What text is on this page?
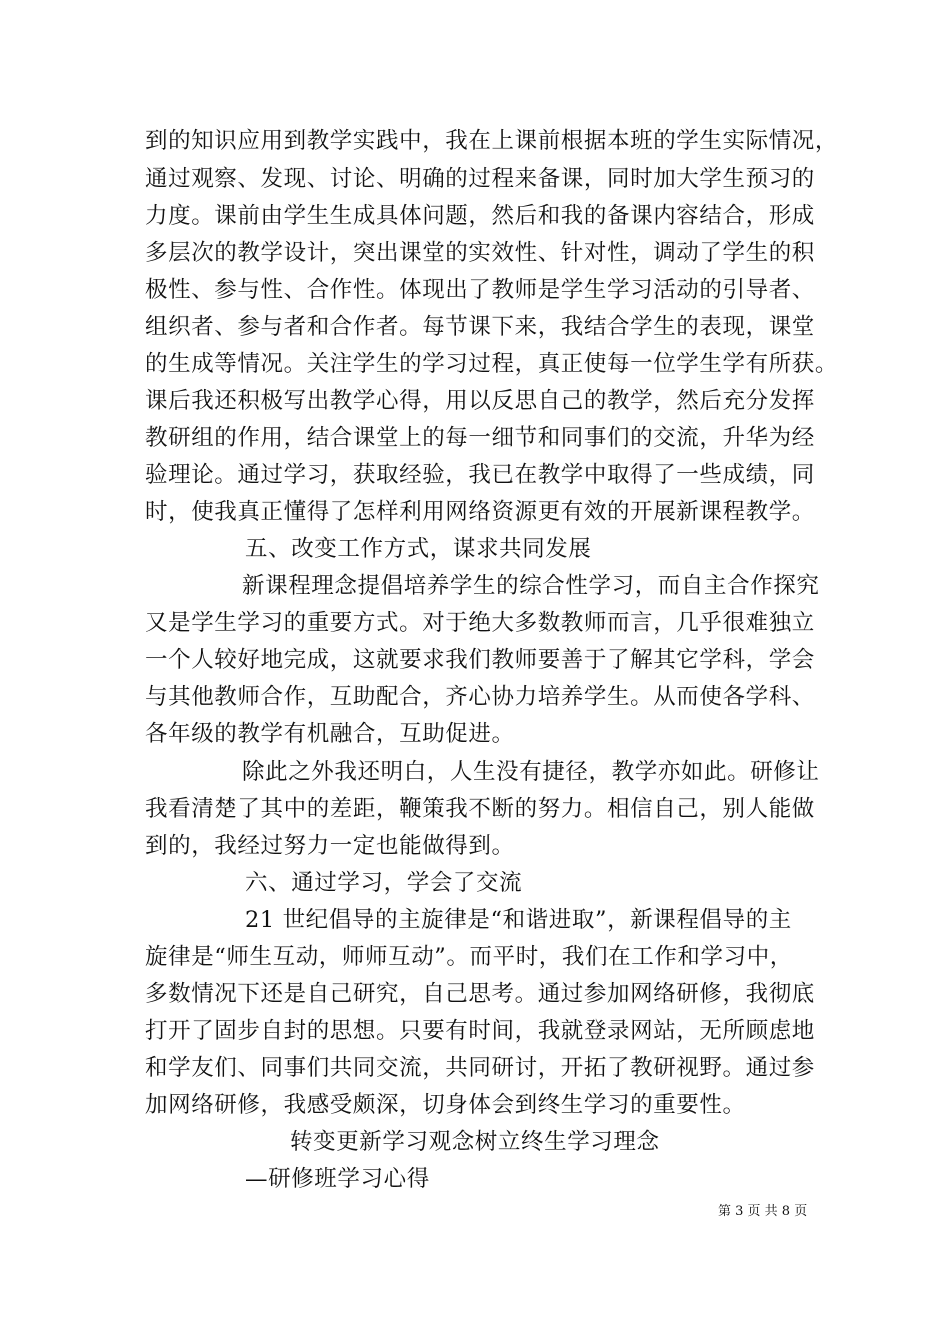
到的知识应用到教学实践中，我在上课前根据本班的学生实际情况，
通过观察、发现、讨论、明确的过程来备课，同时加大学生预习的
力度。课前由学生生成具体问题，然后和我的备课内容结合，形成
多层次的教学设计，突出课堂的实效性、针对性，调动了学生的积
极性、参与性、合作性。体现出了教师是学生学习活动的引导者、
组织者、参与者和合作者。每节课下来，我结合学生的表现，课堂
的生成等情况。关注学生的学习过程，真正使每一位学生学有所获。
课后我还积极写出教学心得，用以反思自己的教学，然后充分发挥
教研组的作用，结合课堂上的每一细节和同事们的交流，升华为经
验理论。通过学习，获取经验，我已在教学中取得了一些成绩，同
时，使我真正懂得了怎样利用网络资源更有效的开展新课程教学。
五、改变工作方式，谋求共同发展
新课程理念提倡培养学生的综合性学习，而自主合作探究
又是学生学习的重要方式。对于绝大多数教师而言，几乎很难独立
一个人较好地完成，这就要求我们教师要善于了解其它学科，学会
与其他教师合作，互助配合，齐心协力培养学生。从而使各学科、
各年级的教学有机融合，互助促进。
除此之外我还明白，人生没有捷径，教学亦如此。研修让
我看清楚了其中的差距，鞭策我不断的努力。相信自己，别人能做
到的，我经过努力一定也能做得到。
六、通过学习，学会了交流
21 世纪倡导的主旋律是“和谐进取”，新课程倡导的主
旋律是“师生互动，师师互动”。而平时，我们在工作和学习中，
多数情况下还是自己研究，自己思考。通过参加网络研修，我彻底
打开了固步自封的思想。只要有时间，我就登录网站，无所顾虑地
和学友们、同事们共同交流，共同研讨，开拓了教研视野。通过参
加网络研修，我感受颇深，切身体会到终生学习的重要性。
转变更新学习观念树立终生学习理念
—研修班学习心得
第 3 页 共 8 页
